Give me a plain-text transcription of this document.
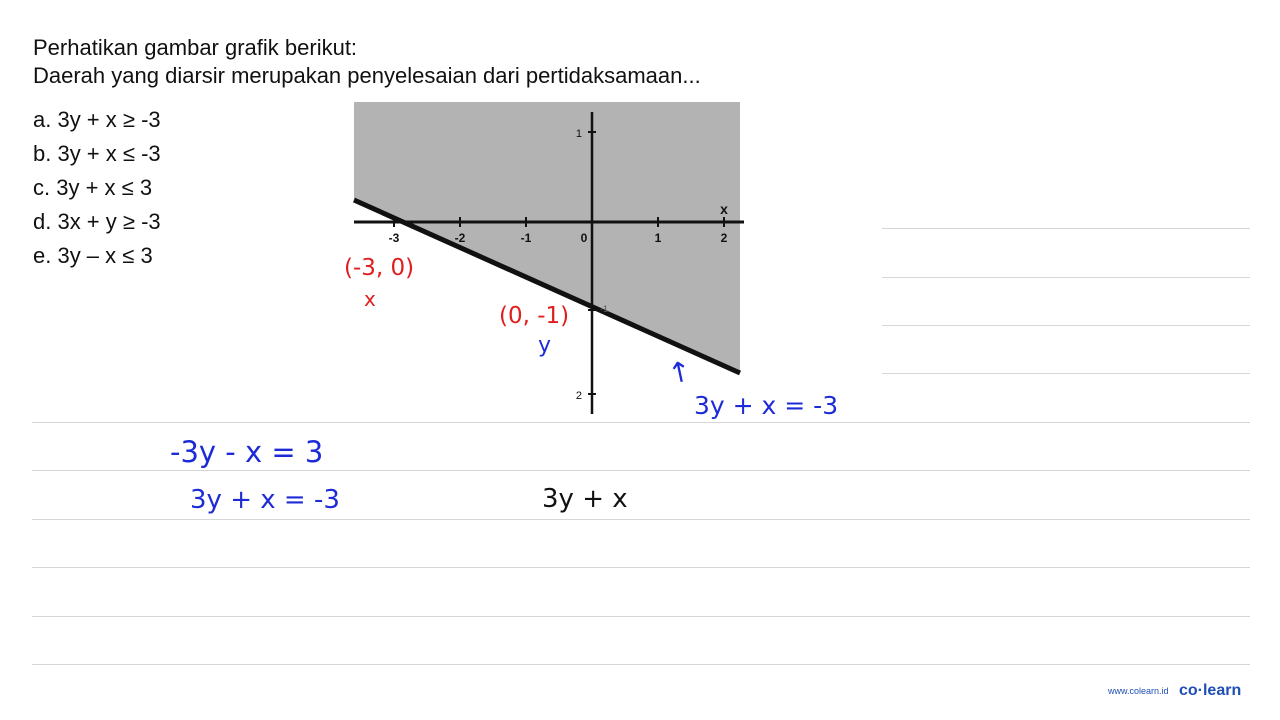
Perhatikan gambar grafik berikut:
Daerah yang diarsir merupakan penyelesaian dari pertidaksamaan...
a. 3y + x ≥ -3
b. 3y + x ≤ -3
c. 3y + x ≤ 3
d. 3x + y ≥ -3
e. 3y – x ≤ 3
-3	-2	-1	0	1	2
x
1
-1
2
(-3, 0)
x
(0, -1)
y
↑
3y + x = -3
-3y - x = 3
3y + x = -3	3y + x
www.colearn.id co·learn
